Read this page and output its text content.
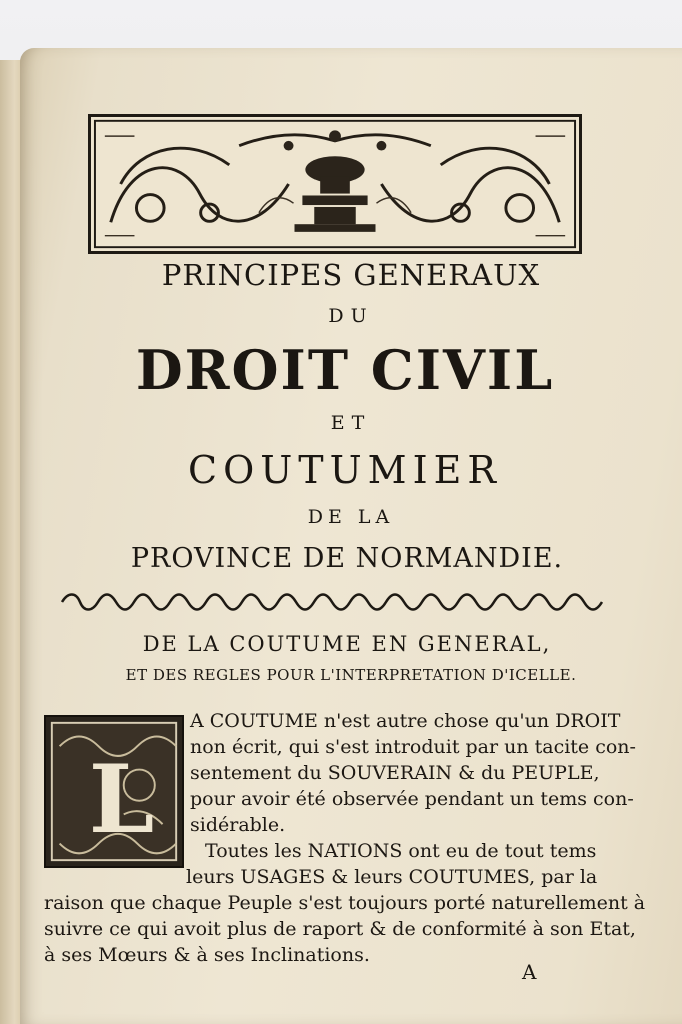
PRINCIPES GENERAUX
DU
DROIT CIVIL
ET
COUTUMIER
DE LA
PROVINCE DE NORMANDIE.
DE LA COUTUME EN GENERAL,
ET DES REGLES POUR L'INTERPRETATION D'ICELLE.
L
A COUTUME n'est autre chose qu'un DROIT
non écrit, qui s'est introduit par un tacite con-
sentement du SOUVERAIN & du PEUPLE,
pour avoir été observée pendant un tems con-
sidérable.
Toutes les NATIONS ont eu de tout tems
leurs USAGES & leurs COUTUMES, par la
raison que chaque Peuple s'est toujours porté naturellement à
suivre ce qui avoit plus de raport & de conformité à son Etat,
à ses Mœurs & à ses Inclinations.
A
